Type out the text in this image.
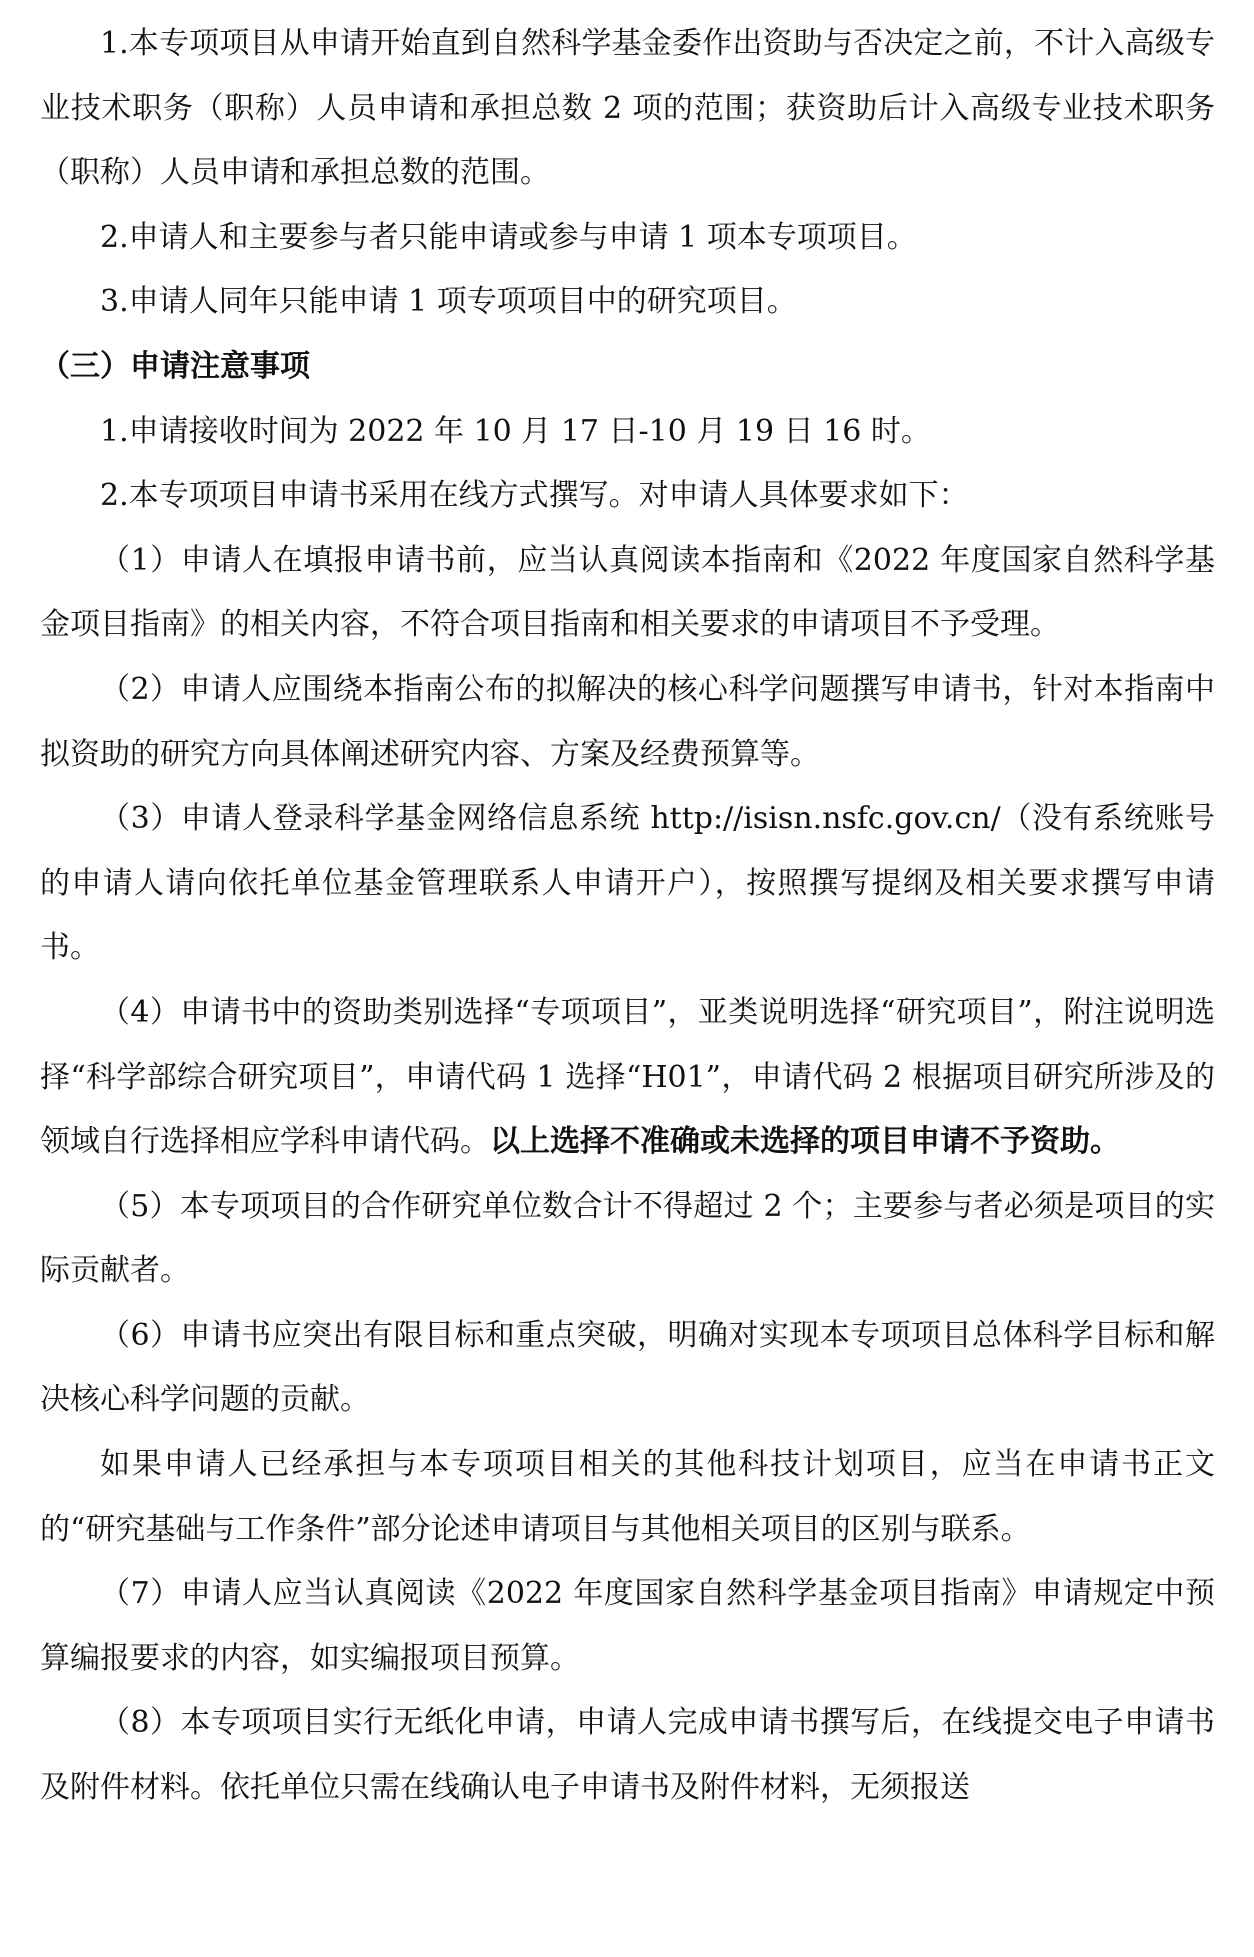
1.本专项项目从申请开始直到自然科学基金委作出资助与否决定之前，不计入高级专业技术职务（职称）人员申请和承担总数 2 项的范围；获资助后计入高级专业技术职务（职称）人员申请和承担总数的范围。

2.申请人和主要参与者只能申请或参与申请 1 项本专项项目。

3.申请人同年只能申请 1 项专项项目中的研究项目。

（三）申请注意事项

1.申请接收时间为 2022 年 10 月 17 日-10 月 19 日 16 时。

2.本专项项目申请书采用在线方式撰写。对申请人具体要求如下：

（1）申请人在填报申请书前，应当认真阅读本指南和《2022 年度国家自然科学基金项目指南》的相关内容，不符合项目指南和相关要求的申请项目不予受理。

（2）申请人应围绕本指南公布的拟解决的核心科学问题撰写申请书，针对本指南中拟资助的研究方向具体阐述研究内容、方案及经费预算等。

（3）申请人登录科学基金网络信息系统 http://isisn.nsfc.gov.cn/（没有系统账号的申请人请向依托单位基金管理联系人申请开户），按照撰写提纲及相关要求撰写申请书。

（4）申请书中的资助类别选择“专项项目”，亚类说明选择“研究项目”，附注说明选择“科学部综合研究项目”，申请代码 1 选择“H01”，申请代码 2 根据项目研究所涉及的领域自行选择相应学科申请代码。以上选择不准确或未选择的项目申请不予资助。

（5）本专项项目的合作研究单位数合计不得超过 2 个；主要参与者必须是项目的实际贡献者。

（6）申请书应突出有限目标和重点突破，明确对实现本专项项目总体科学目标和解决核心科学问题的贡献。

如果申请人已经承担与本专项项目相关的其他科技计划项目，应当在申请书正文的“研究基础与工作条件”部分论述申请项目与其他相关项目的区别与联系。

（7）申请人应当认真阅读《2022 年度国家自然科学基金项目指南》申请规定中预算编报要求的内容，如实编报项目预算。

（8）本专项项目实行无纸化申请，申请人完成申请书撰写后，在线提交电子申请书及附件材料。依托单位只需在线确认电子申请书及附件材料，无须报送
